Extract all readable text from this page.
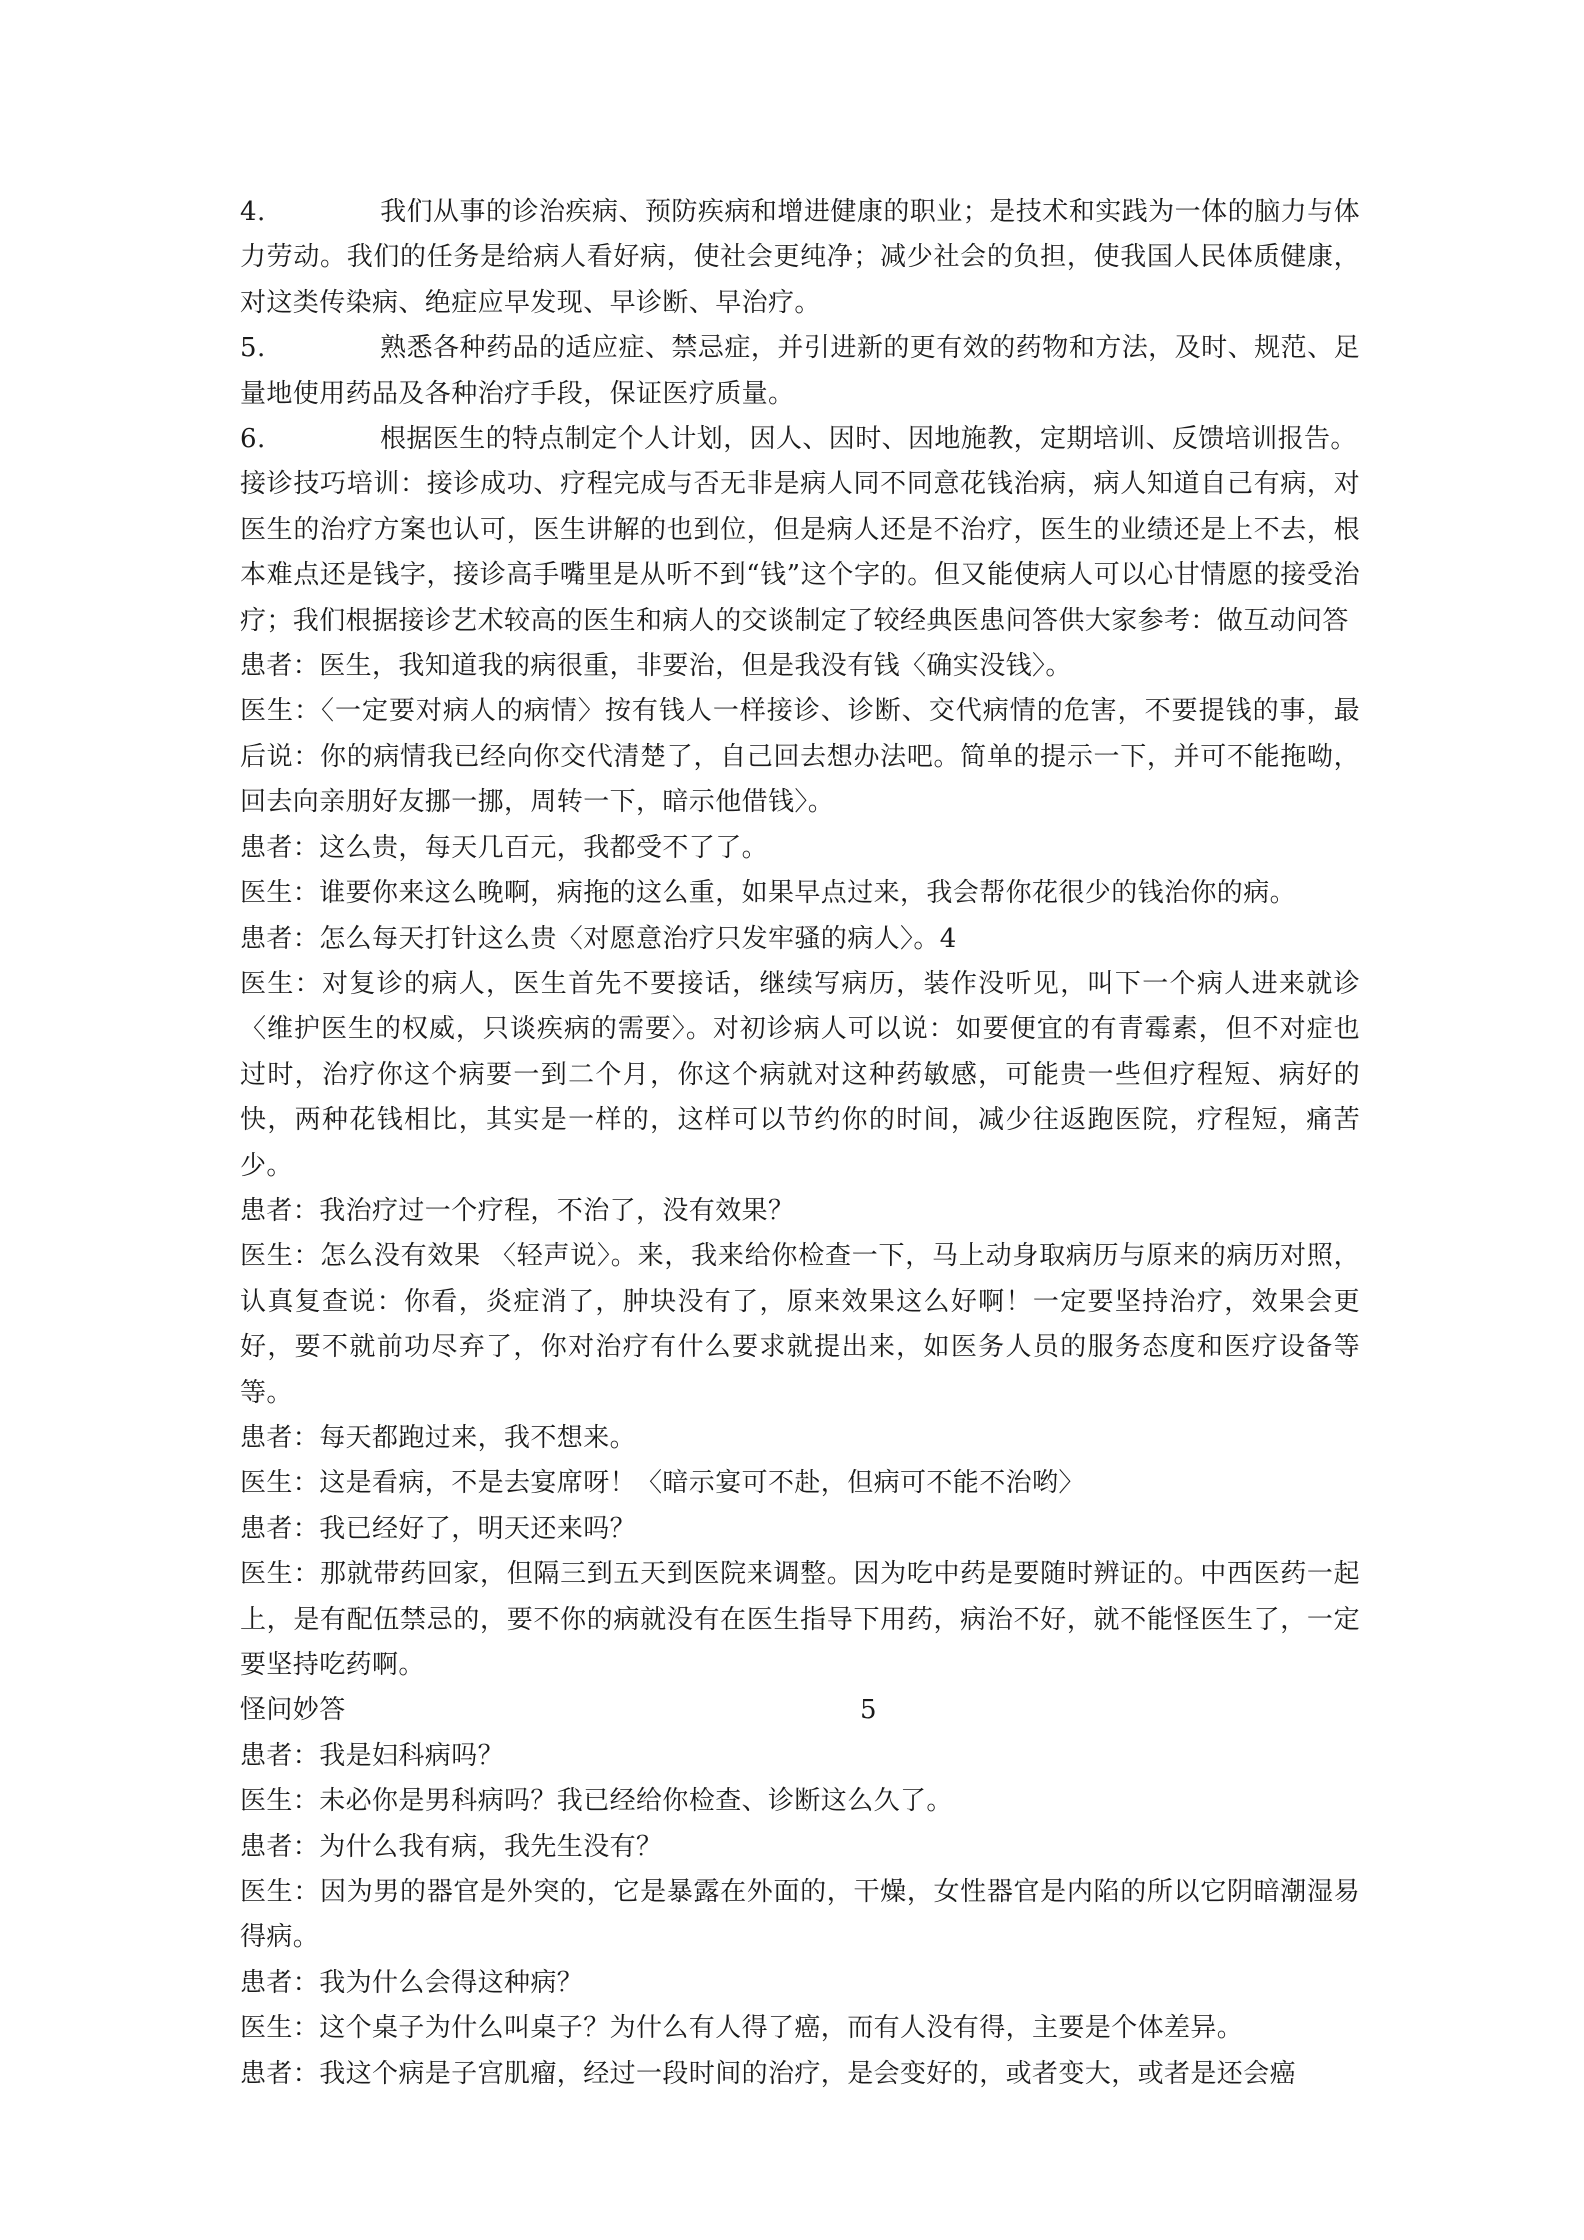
4.	我们从事的诊治疾病、预防疾病和增进健康的职业；是技术和实践为一体的脑力与体力劳动。我们的任务是给病人看好病，使社会更纯净；减少社会的负担，使我国人民体质健康，对这类传染病、绝症应早发现、早诊断、早治疗。
5.	熟悉各种药品的适应症、禁忌症，并引进新的更有效的药物和方法，及时、规范、足量地使用药品及各种治疗手段，保证医疗质量。
6.	根据医生的特点制定个人计划，因人、因时、因地施教，定期培训、反馈培训报告。

接诊技巧培训：接诊成功、疗程完成与否无非是病人同不同意花钱治病，病人知道自己有病，对医生的治疗方案也认可，医生讲解的也到位，但是病人还是不治疗，医生的业绩还是上不去，根本难点还是钱字，接诊高手嘴里是从听不到“钱”这个字的。但又能使病人可以心甘情愿的接受治疗；我们根据接诊艺术较高的医生和病人的交谈制定了较经典医患问答供大家参考：做互动问答

患者：医生，我知道我的病很重，非要治，但是我没有钱〈确实没钱〉。

医生：〈一定要对病人的病情〉按有钱人一样接诊、诊断、交代病情的危害，不要提钱的事，最后说：你的病情我已经向你交代清楚了，自己回去想办法吧。简单的提示一下，并可不能拖呦，回去向亲朋好友挪一挪，周转一下，暗示他借钱〉。

患者：这么贵，每天几百元，我都受不了了。

医生：谁要你来这么晚啊，病拖的这么重，如果早点过来，我会帮你花很少的钱治你的病。

患者：怎么每天打针这么贵〈对愿意治疗只发牢骚的病人〉。4

医生：对复诊的病人，医生首先不要接话，继续写病历，装作没听见，叫下一个病人进来就诊〈维护医生的权威，只谈疾病的需要〉。对初诊病人可以说：如要便宜的有青霉素，但不对症也过时，治疗你这个病要一到二个月，你这个病就对这种药敏感，可能贵一些但疗程短、病好的快，两种花钱相比，其实是一样的，这样可以节约你的时间，减少往返跑医院，疗程短，痛苦少。

患者：我治疗过一个疗程，不治了，没有效果？

医生：怎么没有效果 〈轻声说〉。来，我来给你检查一下，马上动身取病历与原来的病历对照，认真复查说：你看，炎症消了，肿块没有了，原来效果这么好啊！一定要坚持治疗，效果会更好，要不就前功尽弃了，你对治疗有什么要求就提出来，如医务人员的服务态度和医疗设备等等。

患者：每天都跑过来，我不想来。

医生：这是看病，不是去宴席呀！〈暗示宴可不赴，但病可不能不治哟〉

患者：我已经好了，明天还来吗？

医生：那就带药回家，但隔三到五天到医院来调整。因为吃中药是要随时辨证的。中西医药一起上，是有配伍禁忌的，要不你的病就没有在医生指导下用药，病治不好，就不能怪医生了，一定要坚持吃药啊。

怪问妙答	5

患者：我是妇科病吗？

医生：未必你是男科病吗？我已经给你检查、诊断这么久了。

患者：为什么我有病，我先生没有？

医生：因为男的器官是外突的，它是暴露在外面的，干燥，女性器官是内陷的所以它阴暗潮湿易得病。

患者：我为什么会得这种病？

医生：这个桌子为什么叫桌子？为什么有人得了癌，而有人没有得，主要是个体差异。

患者：我这个病是子宫肌瘤，经过一段时间的治疗，是会变好的，或者变大，或者是还会癌
